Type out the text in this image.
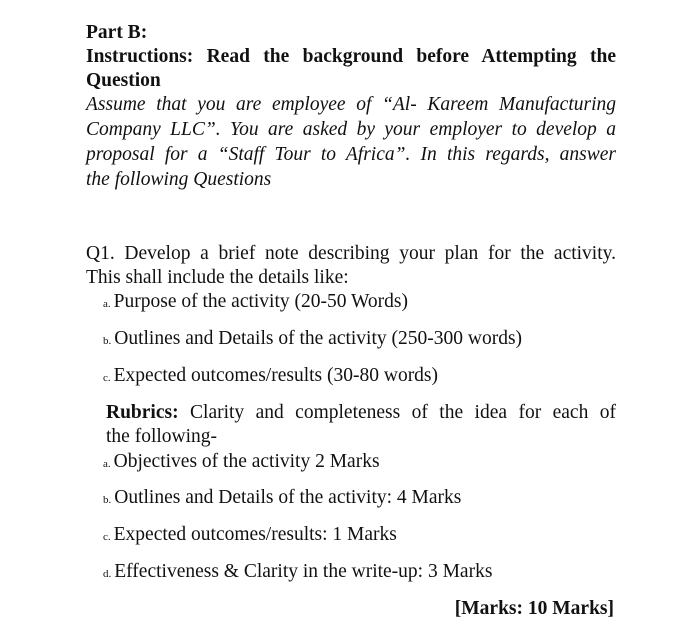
Part B:
Instructions: Read the background before Attempting the
Question
Assume that you are employee of “Al- Kareem Manufacturing
Company LLC”. You are asked by your employer to develop a
proposal for a “Staff Tour to Africa”. In this regards, answer
the following Questions
Q1. Develop a brief note describing your plan for the activity.
This shall include the details like:
a. Purpose of the activity (20-50 Words)
b. Outlines and Details of the activity (250-300 words)
c. Expected outcomes/results (30-80 words)
Rubrics: Clarity and completeness of the idea for each of
the following-
a. Objectives of the activity 2 Marks
b. Outlines and Details of the activity: 4 Marks
c. Expected outcomes/results: 1 Marks
d. Effectiveness & Clarity in the write-up: 3 Marks
[Marks: 10 Marks]
